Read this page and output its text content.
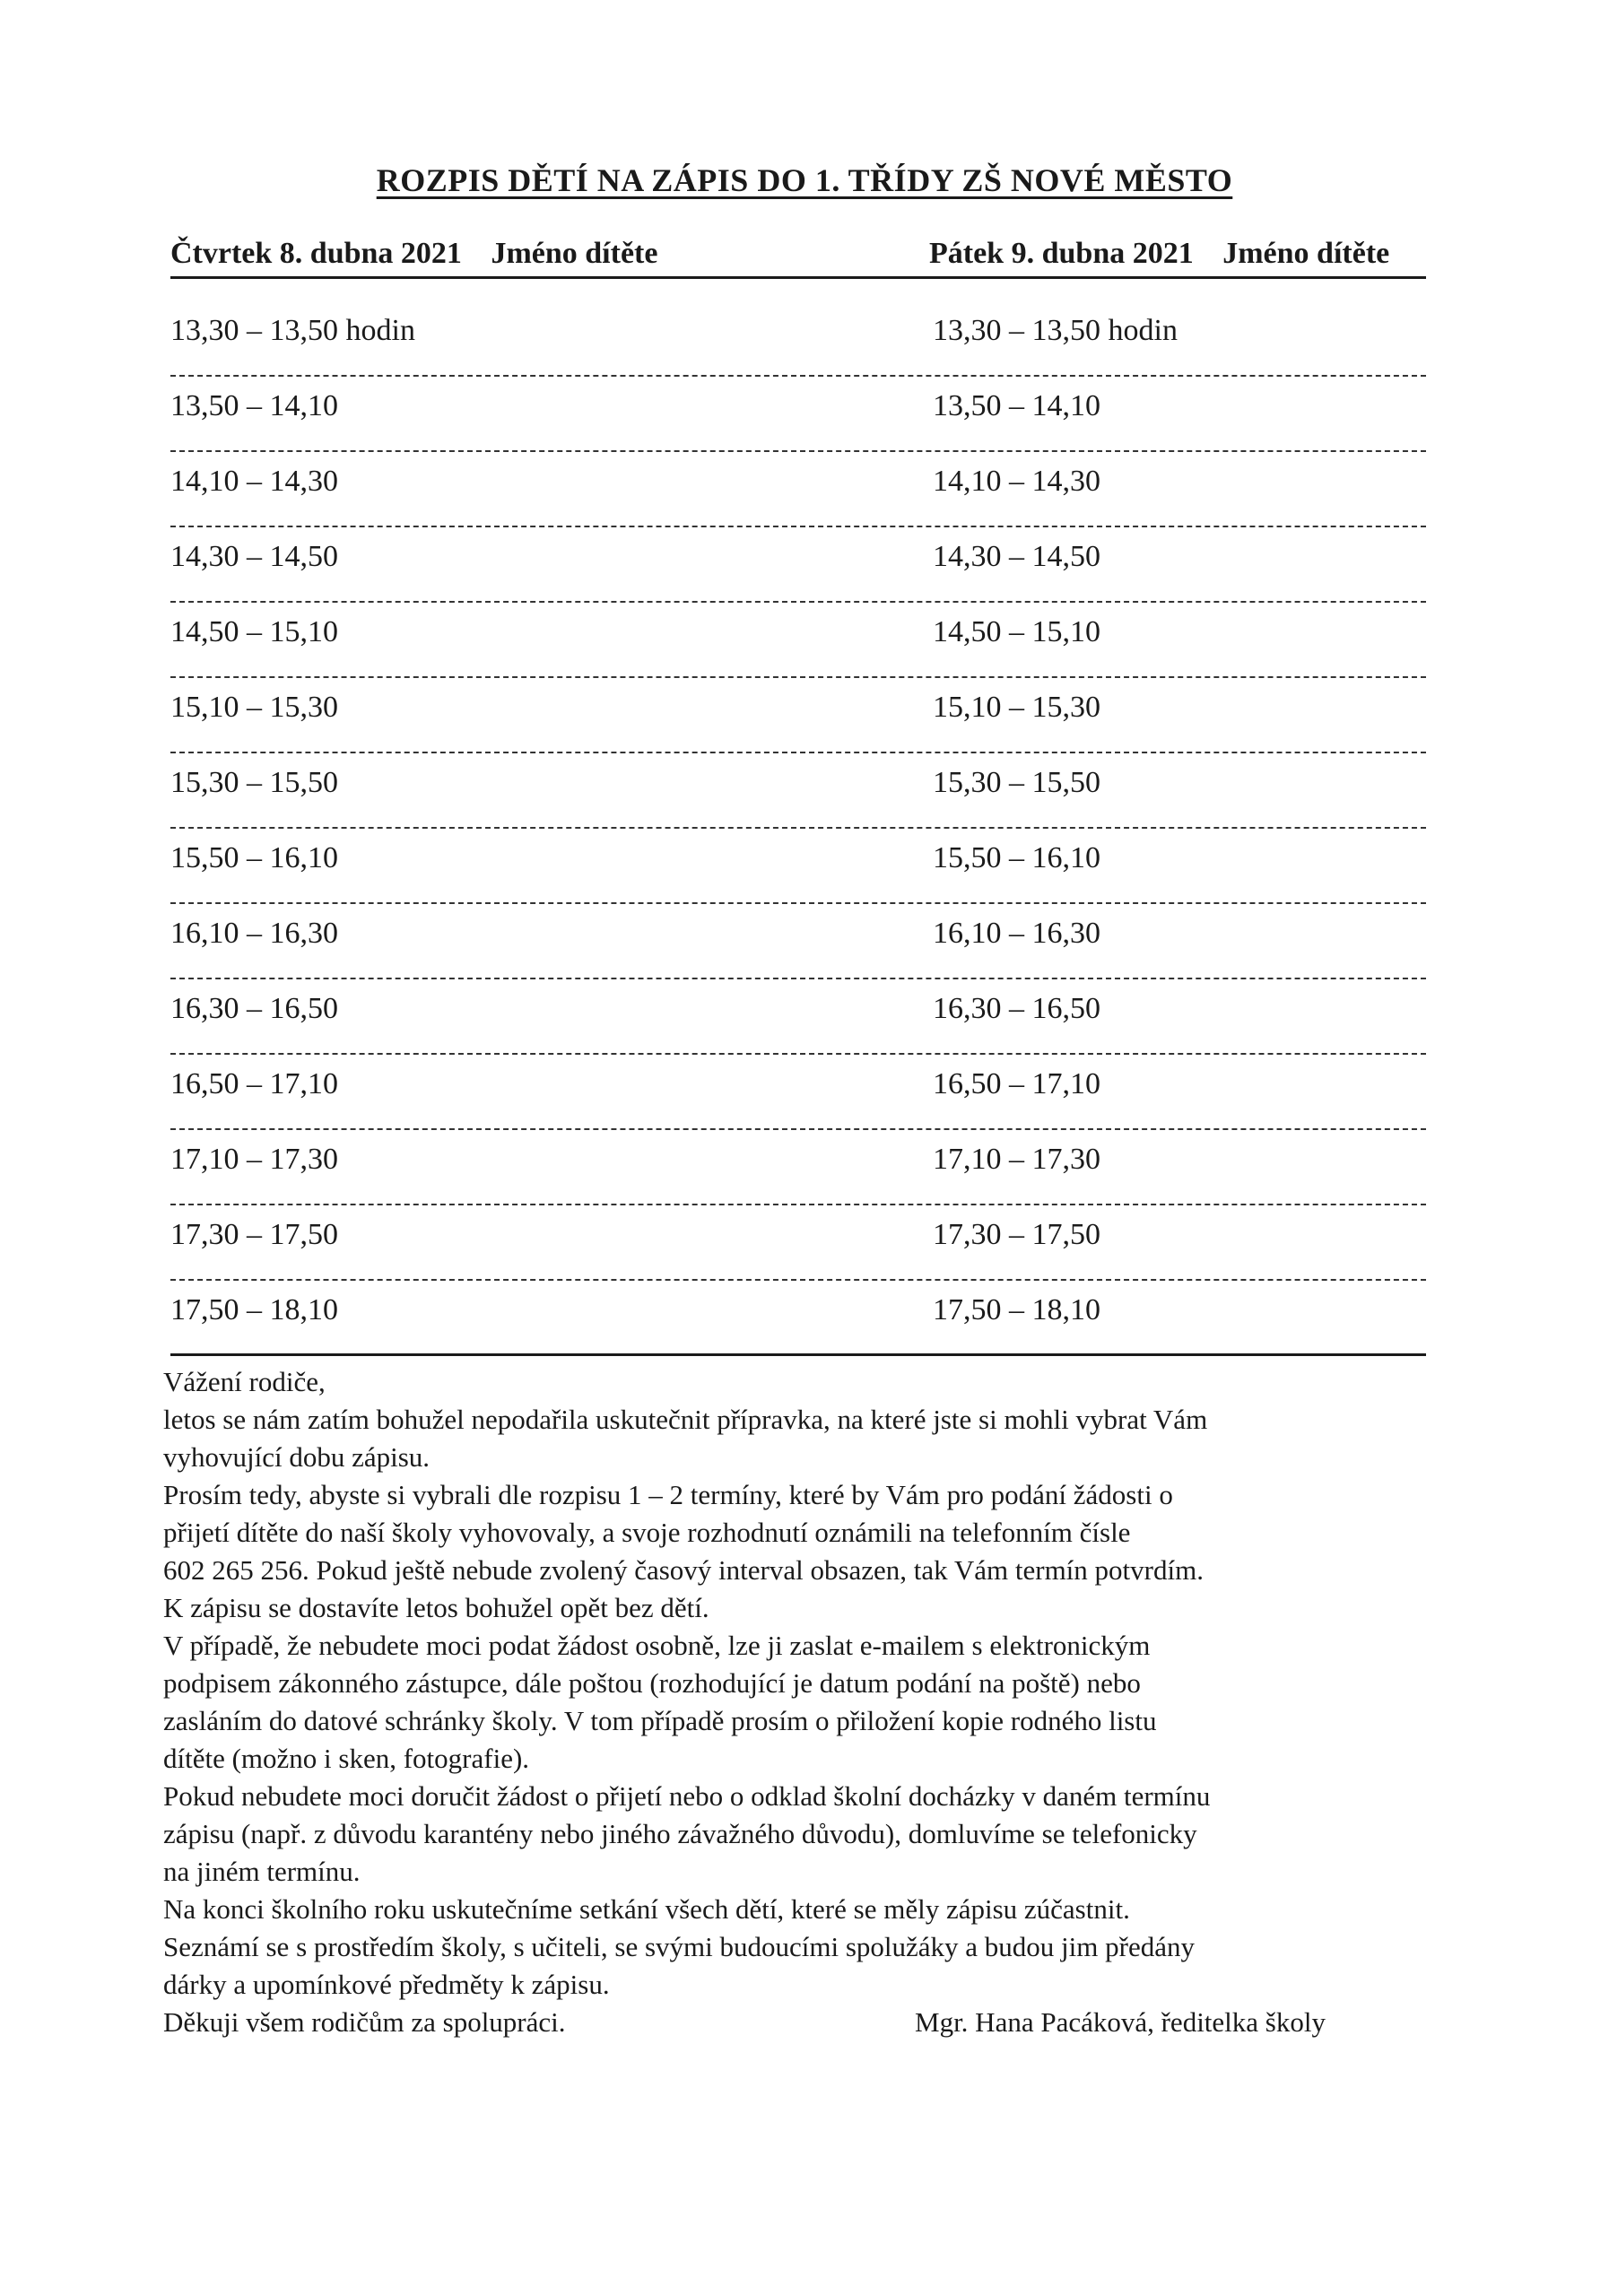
ROZPIS DĚTÍ NA ZÁPIS DO 1. TŘÍDY ZŠ NOVÉ MĚSTO
Čtvrtek 8. dubna 2021 Jméno dítěte	Pátek 9. dubna 2021 Jméno dítěte
13,30 – 13,50 hodin	13,30 – 13,50 hodin
13,50 – 14,10	13,50 – 14,10
14,10 – 14,30	14,10 – 14,30
14,30 – 14,50	14,30 – 14,50
14,50 – 15,10	14,50 – 15,10
15,10 – 15,30	15,10 – 15,30
15,30 – 15,50	15,30 – 15,50
15,50 – 16,10	15,50 – 16,10
16,10 – 16,30	16,10 – 16,30
16,30 – 16,50	16,30 – 16,50
16,50 – 17,10	16,50 – 17,10
17,10 – 17,30	17,10 – 17,30
17,30 – 17,50	17,30 – 17,50
17,50 – 18,10	17,50 – 18,10

Vážení rodiče,

letos se nám zatím bohužel nepodařila uskutečnit přípravka, na které jste si mohli vybrat Vám

vyhovující dobu zápisu.

Prosím tedy, abyste si vybrali dle rozpisu 1 – 2 termíny, které by Vám pro podání žádosti o

přijetí dítěte do naší školy vyhovovaly, a svoje rozhodnutí oznámili na telefonním čísle

602 265 256. Pokud ještě nebude zvolený časový interval obsazen, tak Vám termín potvrdím.

K zápisu se dostavíte letos bohužel opět bez dětí.

V případě, že nebudete moci podat žádost osobně, lze ji zaslat e-mailem s elektronickým

podpisem zákonného zástupce, dále poštou (rozhodující je datum podání na poště) nebo

zasláním do datové schránky školy. V tom případě prosím o přiložení kopie rodného listu

dítěte (možno i sken, fotografie).

Pokud nebudete moci doručit žádost o přijetí nebo o odklad školní docházky v daném termínu

zápisu (např. z důvodu karantény nebo jiného závažného důvodu), domluvíme se telefonicky

na jiném termínu.

Na konci školního roku uskutečníme setkání všech dětí, které se měly zápisu zúčastnit.

Seznámí se s prostředím školy, s učiteli, se svými budoucími spolužáky a budou jim předány

dárky a upomínkové předměty k zápisu.

Děkuji všem rodičům za spolupráci.	Mgr. Hana Pacáková, ředitelka školy
